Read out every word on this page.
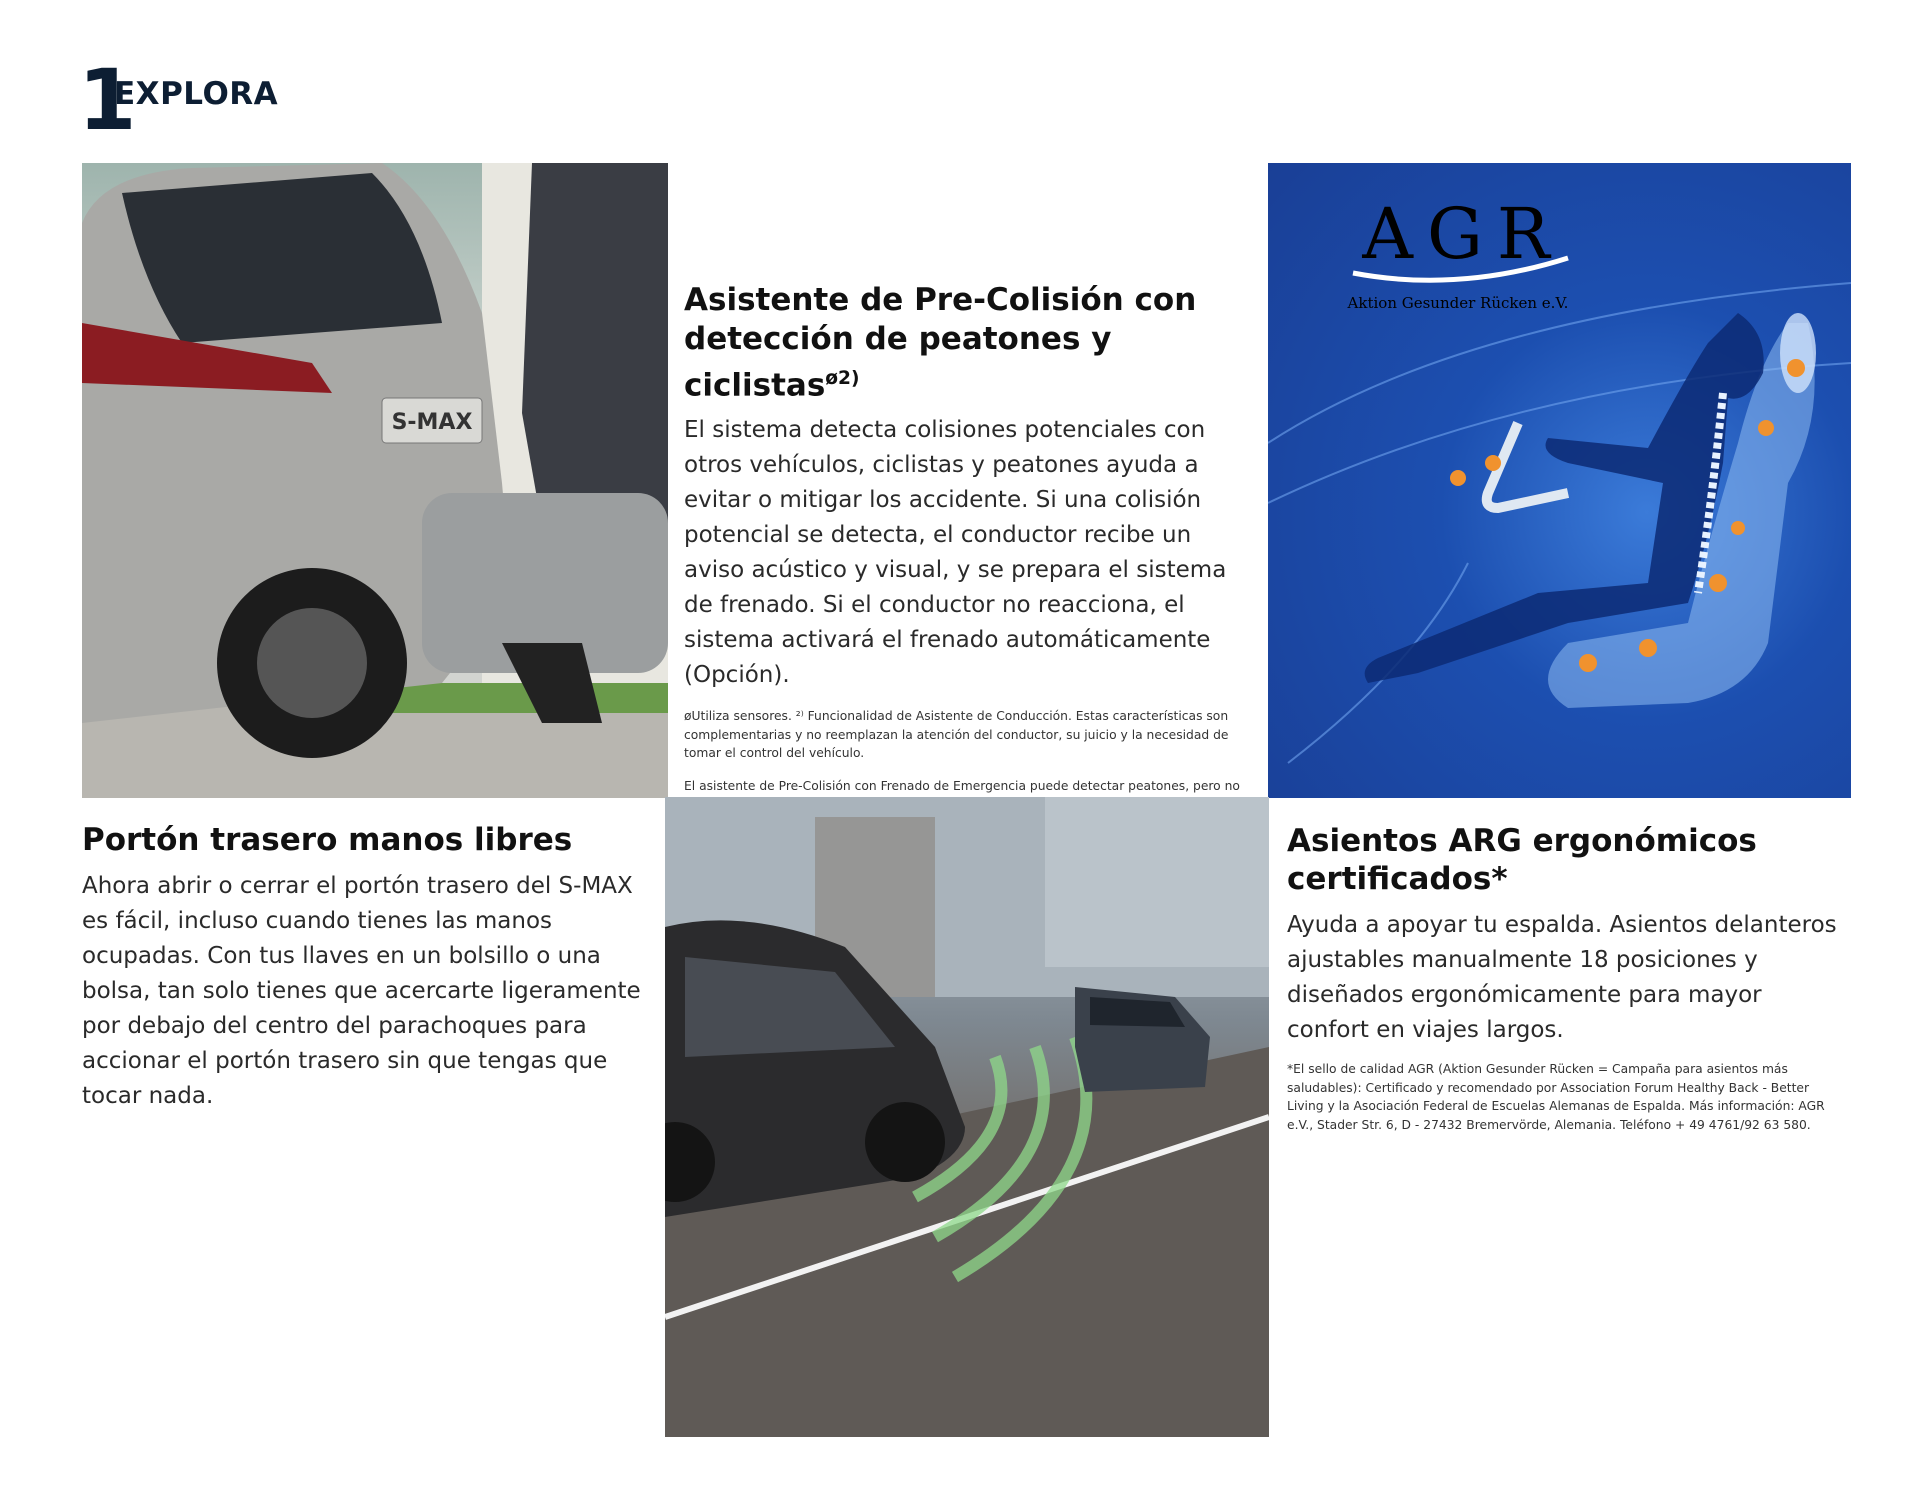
1
EXPLORA
S-MAX

Asistente de Pre-Colisión con detección de peatones y ciclistas$^{ø2)}$

El sistema detecta colisiones potenciales con otros vehículos, ciclistas y peatones ayuda a evitar o mitigar los accidente. Si una colisión potencial se detecta, el conductor recibe un aviso acústico y visual, y se prepara el sistema de frenado. Si el conductor no reacciona, el sistema activará el frenado automáticamente (Opción).

øUtiliza sensores. ²⁾ Funcionalidad de Asistente de Conducción. Estas características son complementarias y no reemplazan la atención del conductor, su juicio y la necesidad de tomar el control del vehículo.

El asistente de Pre-Colisión con Frenado de Emergencia puede detectar peatones, pero no

AGR
Aktion Gesunder Rücken e.V.

Portón trasero manos libres

Ahora abrir o cerrar el portón trasero del S-MAX es fácil, incluso cuando tienes las manos ocupadas. Con tus llaves en un bolsillo o una bolsa, tan solo tienes que acercarte ligeramente por debajo del centro del parachoques para accionar el portón trasero sin que tengas que tocar nada.

Asientos ARG ergonómicos certificados*

Ayuda a apoyar tu espalda. Asientos delanteros ajustables manualmente 18 posiciones y diseñados ergonómicamente para mayor confort en viajes largos.

*El sello de calidad AGR (Aktion Gesunder Rücken = Campaña para asientos más saludables): Certificado y recomendado por Association Forum Healthy Back - Better Living y la Asociación Federal de Escuelas Alemanas de Espalda. Más información: AGR e.V., Stader Str. 6, D - 27432 Bremervörde, Alemania. Teléfono + 49 4761/92 63 580.
